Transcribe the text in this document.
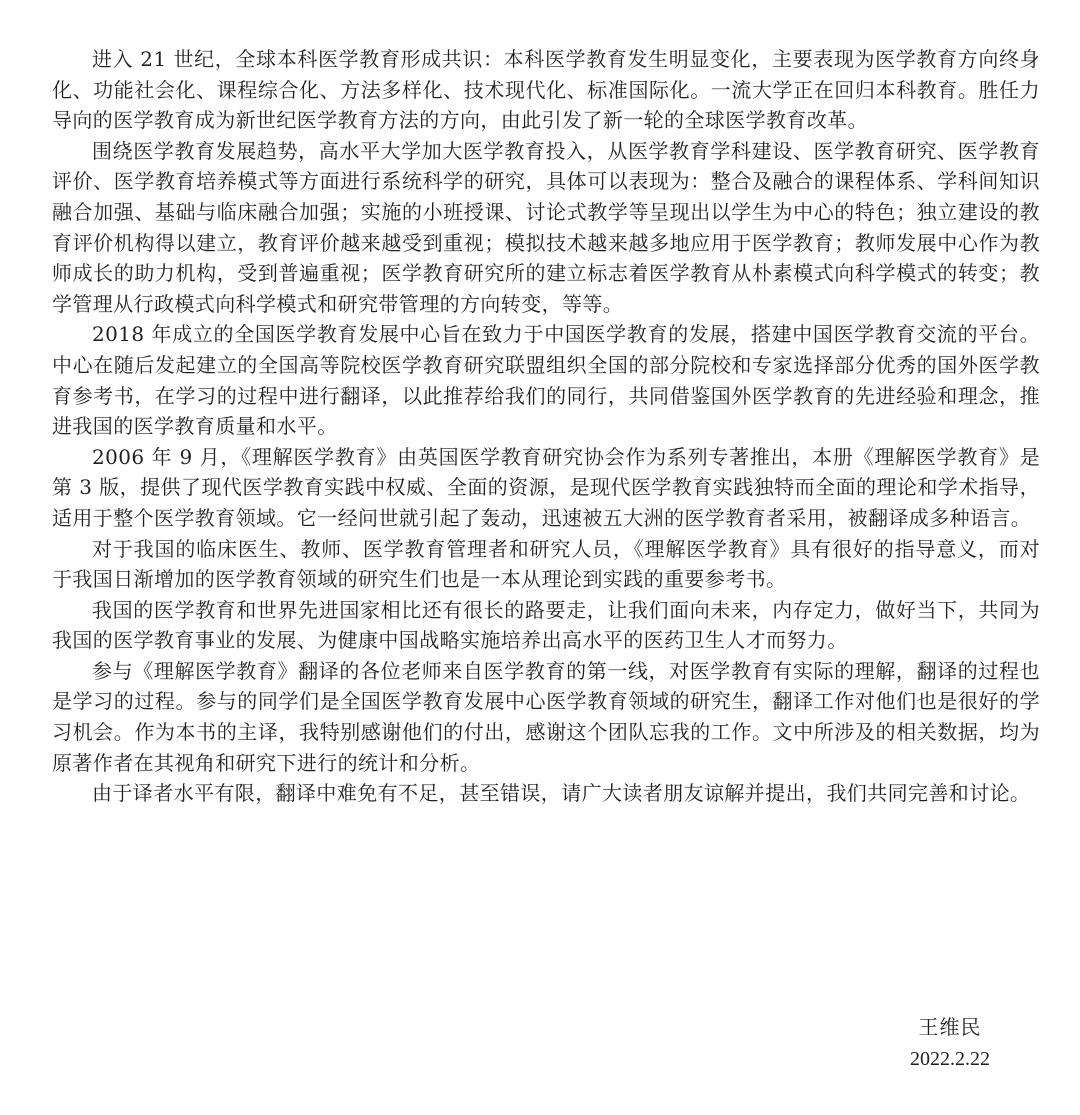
进入 21 世纪，全球本科医学教育形成共识：本科医学教育发生明显变化，主要表现为医学教育方向终身化、功能社会化、课程综合化、方法多样化、技术现代化、标准国际化。一流大学正在回归本科教育。胜任力导向的医学教育成为新世纪医学教育方法的方向，由此引发了新一轮的全球医学教育改革。

围绕医学教育发展趋势，高水平大学加大医学教育投入，从医学教育学科建设、医学教育研究、医学教育评价、医学教育培养模式等方面进行系统科学的研究，具体可以表现为：整合及融合的课程体系、学科间知识融合加强、基础与临床融合加强；实施的小班授课、讨论式教学等呈现出以学生为中心的特色；独立建设的教育评价机构得以建立，教育评价越来越受到重视；模拟技术越来越多地应用于医学教育；教师发展中心作为教师成长的助力机构，受到普遍重视；医学教育研究所的建立标志着医学教育从朴素模式向科学模式的转变；教学管理从行政模式向科学模式和研究带管理的方向转变，等等。

2018 年成立的全国医学教育发展中心旨在致力于中国医学教育的发展，搭建中国医学教育交流的平台。中心在随后发起建立的全国高等院校医学教育研究联盟组织全国的部分院校和专家选择部分优秀的国外医学教育参考书，在学习的过程中进行翻译，以此推荐给我们的同行，共同借鉴国外医学教育的先进经验和理念，推进我国的医学教育质量和水平。

2006 年 9 月，《理解医学教育》由英国医学教育研究协会作为系列专著推出，本册《理解医学教育》是第 3 版，提供了现代医学教育实践中权威、全面的资源，是现代医学教育实践独特而全面的理论和学术指导，适用于整个医学教育领域。它一经问世就引起了轰动，迅速被五大洲的医学教育者采用，被翻译成多种语言。

对于我国的临床医生、教师、医学教育管理者和研究人员，《理解医学教育》具有很好的指导意义，而对于我国日渐增加的医学教育领域的研究生们也是一本从理论到实践的重要参考书。

我国的医学教育和世界先进国家相比还有很长的路要走，让我们面向未来，内存定力，做好当下，共同为我国的医学教育事业的发展、为健康中国战略实施培养出高水平的医药卫生人才而努力。

参与《理解医学教育》翻译的各位老师来自医学教育的第一线，对医学教育有实际的理解，翻译的过程也是学习的过程。参与的同学们是全国医学教育发展中心医学教育领域的研究生，翻译工作对他们也是很好的学习机会。作为本书的主译，我特别感谢他们的付出，感谢这个团队忘我的工作。文中所涉及的相关数据，均为原著作者在其视角和研究下进行的统计和分析。

由于译者水平有限，翻译中难免有不足，甚至错误，请广大读者朋友谅解并提出，我们共同完善和讨论。

王维民
2022.2.22
